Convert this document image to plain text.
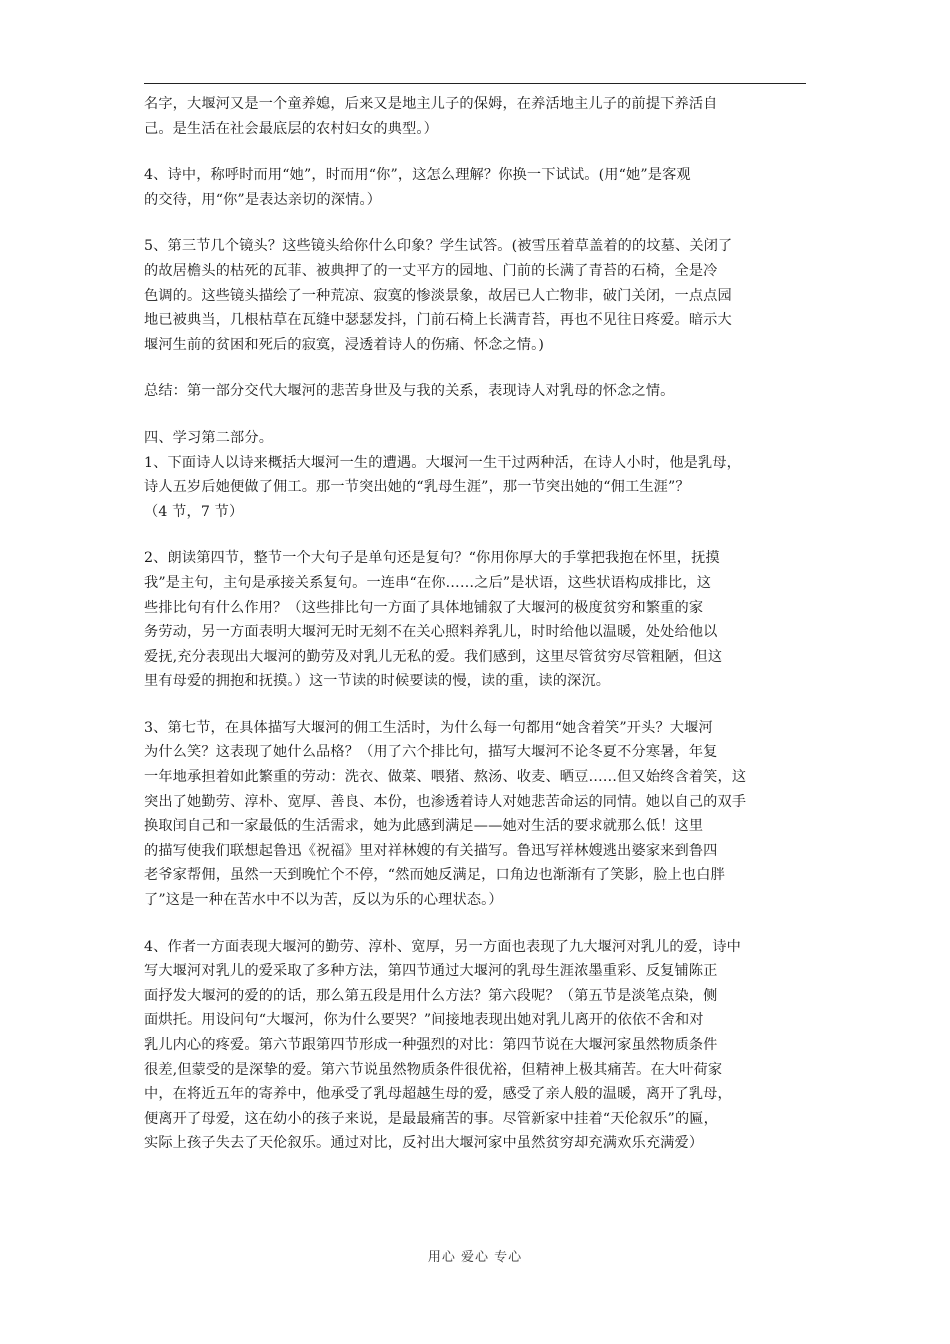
名字，大堰河又是一个童养媳，后来又是地主儿子的保姆，在养活地主儿子的前提下养活自
己。是生活在社会最底层的农村妇女的典型。）

4、诗中，称呼时而用“她”，时而用“你”，这怎么理解？你换一下试试。(用“她”是客观
的交待，用“你”是表达亲切的深情。）

5、第三节几个镜头？这些镜头给你什么印象？学生试答。(被雪压着草盖着的的坟墓、关闭了
的故居檐头的枯死的瓦菲、被典押了的一丈平方的园地、门前的长满了青苔的石椅，全是冷
色调的。这些镜头描绘了一种荒凉、寂寞的惨淡景象，故居已人亡物非，破门关闭，一点点园
地已被典当，几根枯草在瓦缝中瑟瑟发抖，门前石椅上长满青苔，再也不见往日疼爱。暗示大
堰河生前的贫困和死后的寂寞，浸透着诗人的伤痛、怀念之情。)

总结：第一部分交代大堰河的悲苦身世及与我的关系，表现诗人对乳母的怀念之情。

四、学习第二部分。
1、下面诗人以诗来概括大堰河一生的遭遇。大堰河一生干过两种活，在诗人小时，他是乳母，
诗人五岁后她便做了佣工。那一节突出她的“乳母生涯”，那一节突出她的“佣工生涯”？
（4 节，7 节）

2、朗读第四节，整节一个大句子是单句还是复句？“你用你厚大的手掌把我抱在怀里，抚摸
我”是主句，主句是承接关系复句。一连串“在你……之后”是状语，这些状语构成排比，这
些排比句有什么作用？（这些排比句一方面了具体地铺叙了大堰河的极度贫穷和繁重的家
务劳动，另一方面表明大堰河无时无刻不在关心照料养乳儿，时时给他以温暖，处处给他以
爱抚,充分表现出大堰河的勤劳及对乳儿无私的爱。我们感到，这里尽管贫穷尽管粗陋，但这
里有母爱的拥抱和抚摸。）这一节读的时候要读的慢，读的重，读的深沉。

3、第七节，在具体描写大堰河的佣工生活时，为什么每一句都用“她含着笑”开头？大堰河
为什么笑？这表现了她什么品格？（用了六个排比句，描写大堰河不论冬夏不分寒暑，年复
一年地承担着如此繁重的劳动：洗衣、做菜、喂猪、熬汤、收麦、晒豆……但又始终含着笑，这
突出了她勤劳、淳朴、宽厚、善良、本份，也渗透着诗人对她悲苦命运的同情。她以自己的双手
换取闰自己和一家最低的生活需求，她为此感到满足——她对生活的要求就那么低！这里
的描写使我们联想起鲁迅《祝福》里对祥林嫂的有关描写。鲁迅写祥林嫂逃出婆家来到鲁四
老爷家帮佣，虽然一天到晚忙个不停，“然而她反满足，口角边也渐渐有了笑影，脸上也白胖
了”这是一种在苦水中不以为苦，反以为乐的心理状态。）

4、作者一方面表现大堰河的勤劳、淳朴、宽厚，另一方面也表现了九大堰河对乳儿的爱，诗中
写大堰河对乳儿的爱采取了多种方法，第四节通过大堰河的乳母生涯浓墨重彩、反复铺陈正
面抒发大堰河的爱的的话，那么第五段是用什么方法？第六段呢？（第五节是淡笔点染，侧
面烘托。用设问句“大堰河，你为什么要哭？”间接地表现出她对乳儿离开的依依不舍和对
乳儿内心的疼爱。第六节跟第四节形成一种强烈的对比：第四节说在大堰河家虽然物质条件
很差,但蒙受的是深挚的爱。第六节说虽然物质条件很优裕，但精神上极其痛苦。在大叶荷家
中，在将近五年的寄养中，他承受了乳母超越生母的爱，感受了亲人般的温暖，离开了乳母，
便离开了母爱，这在幼小的孩子来说，是最最痛苦的事。尽管新家中挂着“天伦叙乐”的匾，
实际上孩子失去了天伦叙乐。通过对比，反衬出大堰河家中虽然贫穷却充满欢乐充满爱）

用心 爱心 专心
